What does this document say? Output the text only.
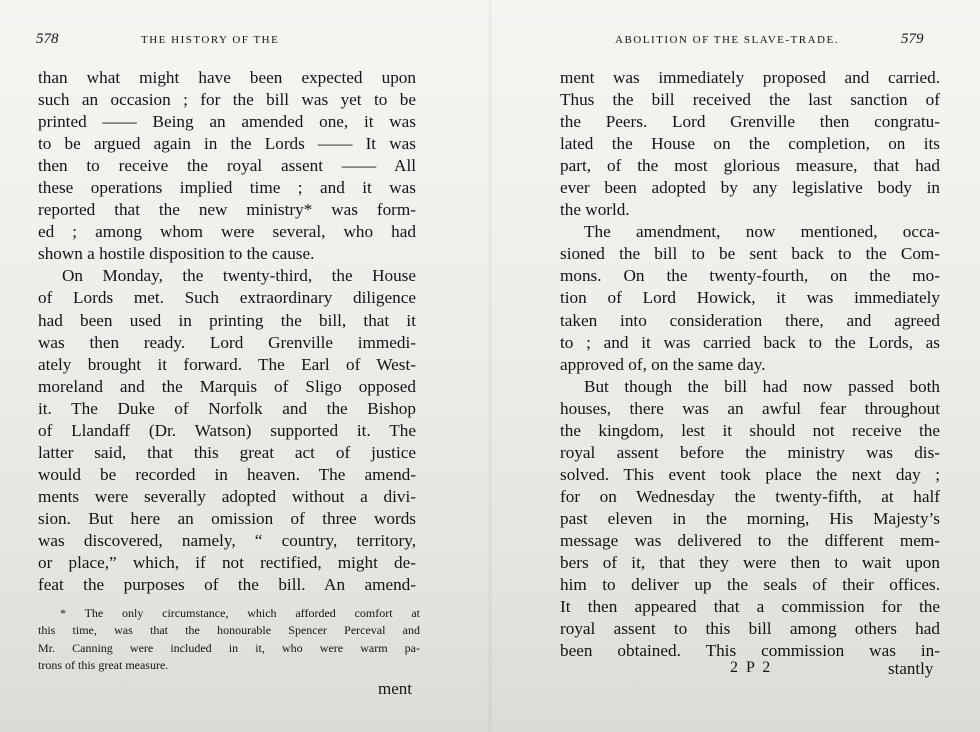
578	THE HISTORY OF THE
than what might have been expected upon
such an occasion ; for the bill was yet to be
printed —— Being an amended one, it was
to be argued again in the Lords —— It was
then to receive the royal assent —— All
these operations implied time ; and it was
reported that the new ministry* was form-
ed ; among whom were several, who had
shown a hostile disposition to the cause.
On Monday, the twenty-third, the House
of Lords met. Such extraordinary diligence
had been used in printing the bill, that it
was then ready. Lord Grenville immedi-
ately brought it forward. The Earl of West-
moreland and the Marquis of Sligo opposed
it. The Duke of Norfolk and the Bishop
of Llandaff (Dr. Watson) supported it. The
latter said, that this great act of justice
would be recorded in heaven. The amend-
ments were severally adopted without a divi-
sion. But here an omission of three words
was discovered, namely, “ country, territory,
or place,” which, if not rectified, might de-
feat the purposes of the bill. An amend-
* The only circumstance, which afforded comfort at
this time, was that the honourable Spencer Perceval and
Mr. Canning were included in it, who were warm pa-
trons of this great measure.
ment
ABOLITION OF THE SLAVE-TRADE.	579
ment was immediately proposed and carried.
Thus the bill received the last sanction of
the Peers. Lord Grenville then congratu-
lated the House on the completion, on its
part, of the most glorious measure, that had
ever been adopted by any legislative body in
the world.
The amendment, now mentioned, occa-
sioned the bill to be sent back to the Com-
mons. On the twenty-fourth, on the mo-
tion of Lord Howick, it was immediately
taken into consideration there, and agreed
to ; and it was carried back to the Lords, as
approved of, on the same day.
But though the bill had now passed both
houses, there was an awful fear throughout
the kingdom, lest it should not receive the
royal assent before the ministry was dis-
solved. This event took place the next day ;
for on Wednesday the twenty-fifth, at half
past eleven in the morning, His Majesty’s
message was delivered to the different mem-
bers of it, that they were then to wait upon
him to deliver up the seals of their offices.
It then appeared that a commission for the
royal assent to this bill among others had
been obtained. This commission was in-
2 P 2	stantly
